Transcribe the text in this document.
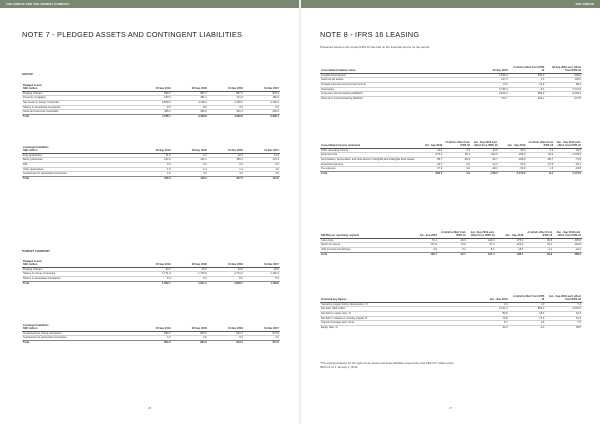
THE GROUP AND THE PARENT COMPANY	THE GROUP
NOTE 7 - PLEDGED ASSETS AND CONTINGENT LIABILITIES
GROUP
PARENT COMPANY
Pledged assets
SEK million	30 Sep 2019	30 Sep 2018	31 Dec 2018	31 Dec 2017
Floating charges	890.0	887.3	887.3	842.3
Property mortgages	183.5	181.1	171.9	182.3
Net assets in Group companies	3,569.9	3,105.2	3,105.2	2,132.2
Shares in associated companies	8.5	8.5	3.0	0.0
Stock and accounts receivable	435.1	363.9	321.3	263.9
Total	4,786.1	4,309.8	4,308.3	3,380.7
Contingent liabilities
SEK million	30 Sep 2019	30 Sep 2018	31 Dec 2018	31 Dec 2017
Duty guarantees	11.6	9.4	10.0	14.3
Bank guarantees	164.9	101.0	189.1	101.3
PRI	0.0	0.0	0.0	0.0
Other guarantees	1.6	1.4	1.4	1.0
Guarantees for associated companies	4.0	4.0	4.0	4.0
Total	205.2	118.3	207.5	121.0
Pledged assets
SEK million	30 Sep 2019	30 Sep 2018	31 Dec 2018	31 Dec 2017
Floating charges	20.0	20.0	20.0	20.0
Shares in Group companies	1,771.6	1,733.9	1,771.6	1,152.3
Shares in associated companies	8.3	8.3	8.3	8.3
Total	1,859.7	1,811.3	1,859.7	1,190.6
Contingent liabilities
SEK million	30 Sep 2019	30 Sep 2018	31 Dec 2018	31 Dec 2017
Guarantees for Group companies	893.3	864.0	943.1	671.0
Guarantees for associated companies	4.0	0.0	0.0	0.0
Total	893.3	864.0	943.1	671.0
26
NOTE 8 - IFRS 16 LEASING
Presented below is the impact IFRS 16 has had on the financial reports for the period.
Consolidated balance sheet	30 Sep 2019	of which effect from IFRS 16	30 Sep 2019 excl. effect from IFRS 16
Tangible fixed assets*	1,535.6	930.0	605.6
Deferred tax assets	137.3	1.3	136.0
Prepaid expenses and accrued income	72.5	-16.9	89.4
Total equity	3,736.3	-5.1	3,741.5
Long-term interest-bearing liabilities*	2,810.2	686.9	2,048.3
Short-term interest-bearing liabilities*	474.7	203.1	271.5
Consolidated income statement	Jul - Sep 2019	of which effect from IFRS 16	Jul - Sep 2019 excl. effect from IFRS 16	Jan - Sep 2019	of which effect from IFRS 16	Jan - Sep 2019 excl. effect from IFRS 16
Other operating income	12.9	0.3	12.6	43.4	0.3	43.0
External costs	-373.5	55.1	-333.5	-945.0	94.9	-1,045.9
Amortisation, depreciation and write-downs of tangible and intangible fixed assets	-95.7	-50.9	-54.7	-189.6	-85.7	-71.8
Financial expenses	-19.3	-4.9	-14.4	-52.9	-13.9	-39.1
Tax expense	-17.4	0.0	-18.1	-33.9	1.3	-44.8
Total	-283.2	-1.9	-278.3	-1,179.0	-8.1	-1,174.2
EBITDA per operating segment	Jul - Sep 2019	of which effect from IFRS 16	Jul - Sep 2019 excl. effect from IFRS 16	Jan - Sep 2019	of which effect from IFRS 16	Jan - Sep 2019 excl. effect from IFRS 16
Corp costs	72.4	26.3	146.3	275.3	39.8	215.5
Sports & Leisure	127.9	15.8	97.4	193.9	23.1	164.8
Gifts & Home Furnishings	-4.9	0.1	-5.1	-18.2	0.1	-21.2
Total	195.7	32.1	161.4	480.1	94.9	389.2
Financial key figures	Jan - Sep 2019	of which effect from IFRS 16	Jan - Sep 2019 excl. effect from IFRS 16
Operating margin before depreciation, %	9.3	1.9	7.4
Net debt, SEK million	3,191.6	890.0	2,601.6
Net debt to equity ratio, %	82.8	18.4	64.3
Net debt in relation to working capital, %	79.8	17.9	61.3
Interest coverage ratio, times	6.7	-1.8	7.5
Equity ratio, %	34.3	-4.3	38.5
*The opening balance for the right-of-use assets and lease liabilities respectively was SEK 647 million under IFRS 16 on 1 January 1, 2019
27
